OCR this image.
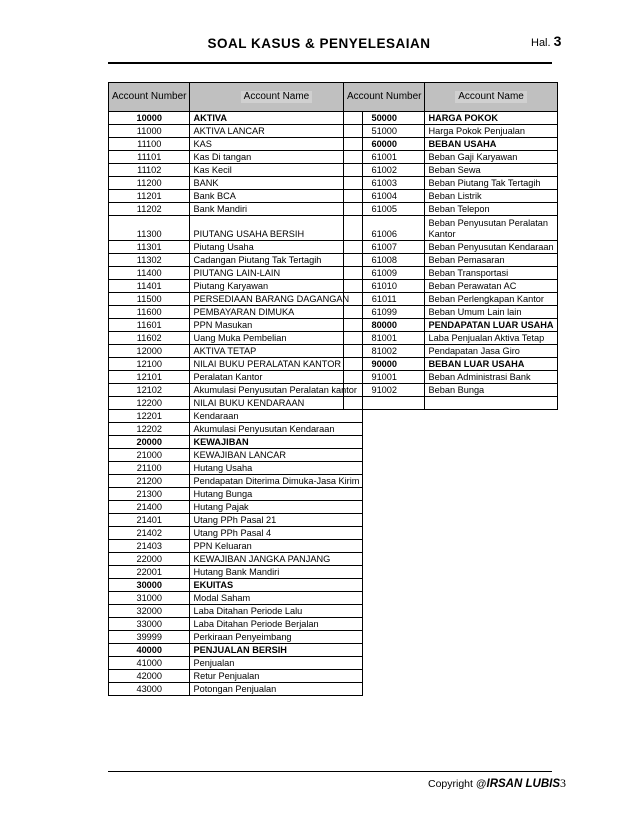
SOAL KASUS & PENYELESAIAN	Hal. 3
Account Number	Account Name
10000	AKTIVA
11000	AKTIVA LANCAR
11100	KAS
11101	Kas Di tangan
11102	Kas Kecil
11200	BANK
11201	Bank BCA
11202	Bank Mandiri
11300	PIUTANG USAHA BERSIH
11301	Piutang Usaha
11302	Cadangan Piutang Tak Tertagih
11400	PIUTANG LAIN-LAIN
11401	Piutang Karyawan
11500	PERSEDIAAN BARANG DAGANGAN
11600	PEMBAYARAN DIMUKA
11601	PPN Masukan
11602	Uang Muka Pembelian
12000	AKTIVA TETAP
12100	NILAI BUKU PERALATAN KANTOR
12101	Peralatan Kantor
12102	Akumulasi Penyusutan Peralatan kantor
12200	NILAI BUKU KENDARAAN
12201	Kendaraan
12202	Akumulasi Penyusutan Kendaraan
20000	KEWAJIBAN
21000	KEWAJIBAN LANCAR
21100	Hutang Usaha
21200	Pendapatan Diterima Dimuka-Jasa Kirim
21300	Hutang Bunga
21400	Hutang Pajak
21401	Utang PPh Pasal 21
21402	Utang PPh Pasal 4
21403	PPN Keluaran
22000	KEWAJIBAN JANGKA PANJANG
22001	Hutang Bank Mandiri
30000	EKUITAS
31000	Modal Saham
32000	Laba Ditahan Periode Lalu
33000	Laba Ditahan Periode Berjalan
39999	Perkiraan Penyeimbang
40000	PENJUALAN BERSIH
41000	Penjualan
42000	Retur Penjualan
43000	Potongan Penjualan
Account Number	Account Name
50000	HARGA POKOK
51000	Harga Pokok Penjualan
60000	BEBAN USAHA
61001	Beban Gaji Karyawan
61002	Beban Sewa
61003	Beban Piutang Tak Tertagih
61004	Beban Listrik
61005	Beban Telepon
61006	Beban Penyusutan Peralatan Kantor
61007	Beban Penyusutan Kendaraan
61008	Beban Pemasaran
61009	Beban Transportasi
61010	Beban Perawatan AC
61011	Beban Perlengkapan Kantor
61099	Beban Umum Lain lain
80000	PENDAPATAN LUAR USAHA
81001	Laba Penjualan Aktiva Tetap
81002	Pendapatan Jasa Giro
90000	BEBAN LUAR USAHA
91001	Beban Administrasi Bank
91002	Beban Bunga

Copyright @IRSAN LUBIS 3
